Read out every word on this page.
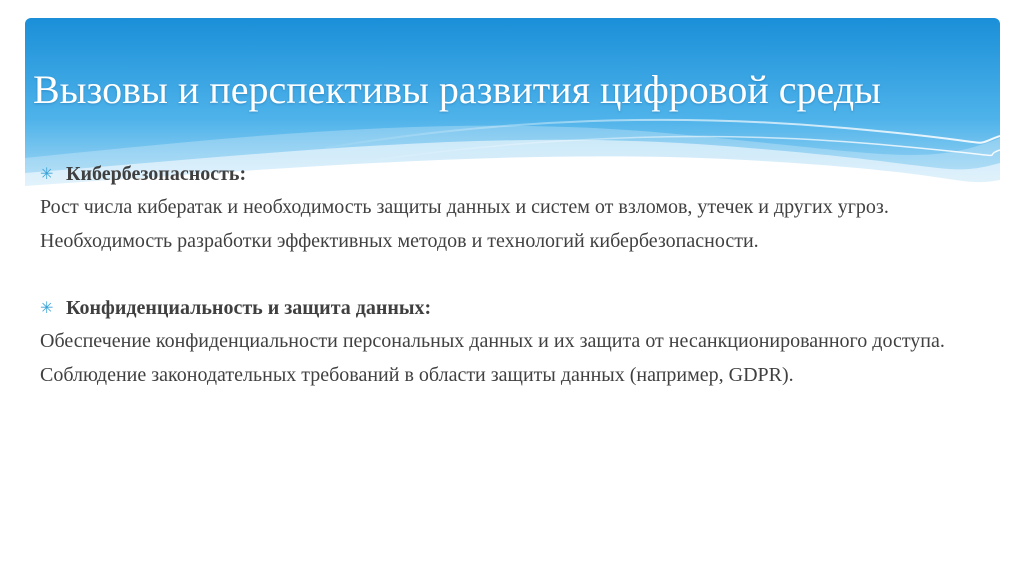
Вызовы и перспективы развития цифровой среды
✳ Кибербезопасность:
Рост числа кибератак и необходимость защиты данных и систем от взломов, утечек и других угроз.
Необходимость разработки эффективных методов и технологий кибербезопасности.
✳ Конфиденциальность и защита данных:
Обеспечение конфиденциальности персональных данных и их защита от несанкционированного доступа.
Соблюдение законодательных требований в области защиты данных (например, GDPR).
